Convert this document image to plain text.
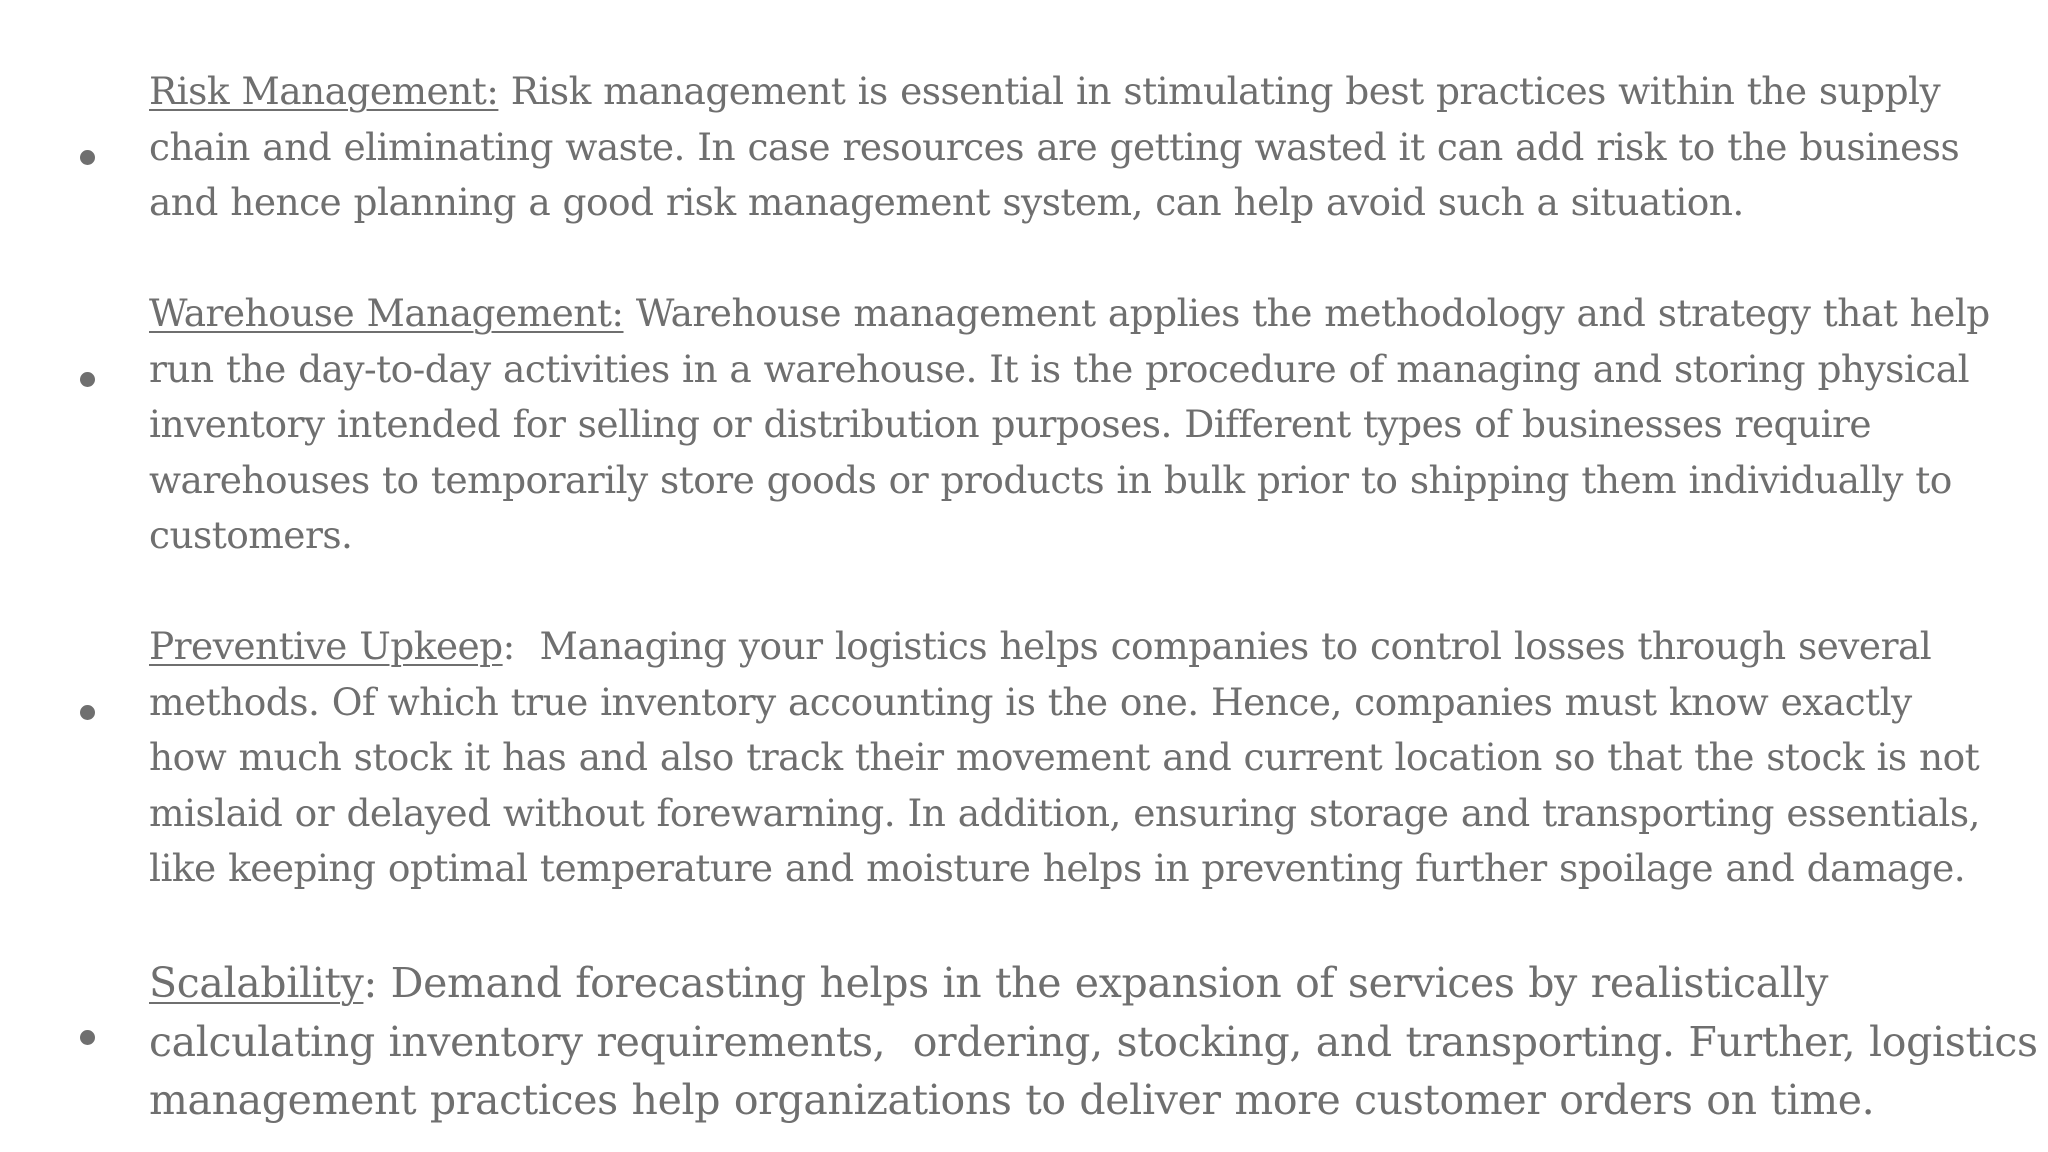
Risk Management: Risk management is essential in stimulating best practices within the supply
chain and eliminating waste. In case resources are getting wasted it can add risk to the business
and hence planning a good risk management system, can help avoid such a situation.
Warehouse Management: Warehouse management applies the methodology and strategy that help
run the day-to-day activities in a warehouse. It is the procedure of managing and storing physical
inventory intended for selling or distribution purposes. Different types of businesses require
warehouses to temporarily store goods or products in bulk prior to shipping them individually to
customers.
Preventive Upkeep:  Managing your logistics helps companies to control losses through several
methods. Of which true inventory accounting is the one. Hence, companies must know exactly
how much stock it has and also track their movement and current location so that the stock is not
mislaid or delayed without forewarning. In addition, ensuring storage and transporting essentials,
like keeping optimal temperature and moisture helps in preventing further spoilage and damage.
Scalability: Demand forecasting helps in the expansion of services by realistically
calculating inventory requirements,  ordering, stocking, and transporting. Further, logistics
management practices help organizations to deliver more customer orders on time.
